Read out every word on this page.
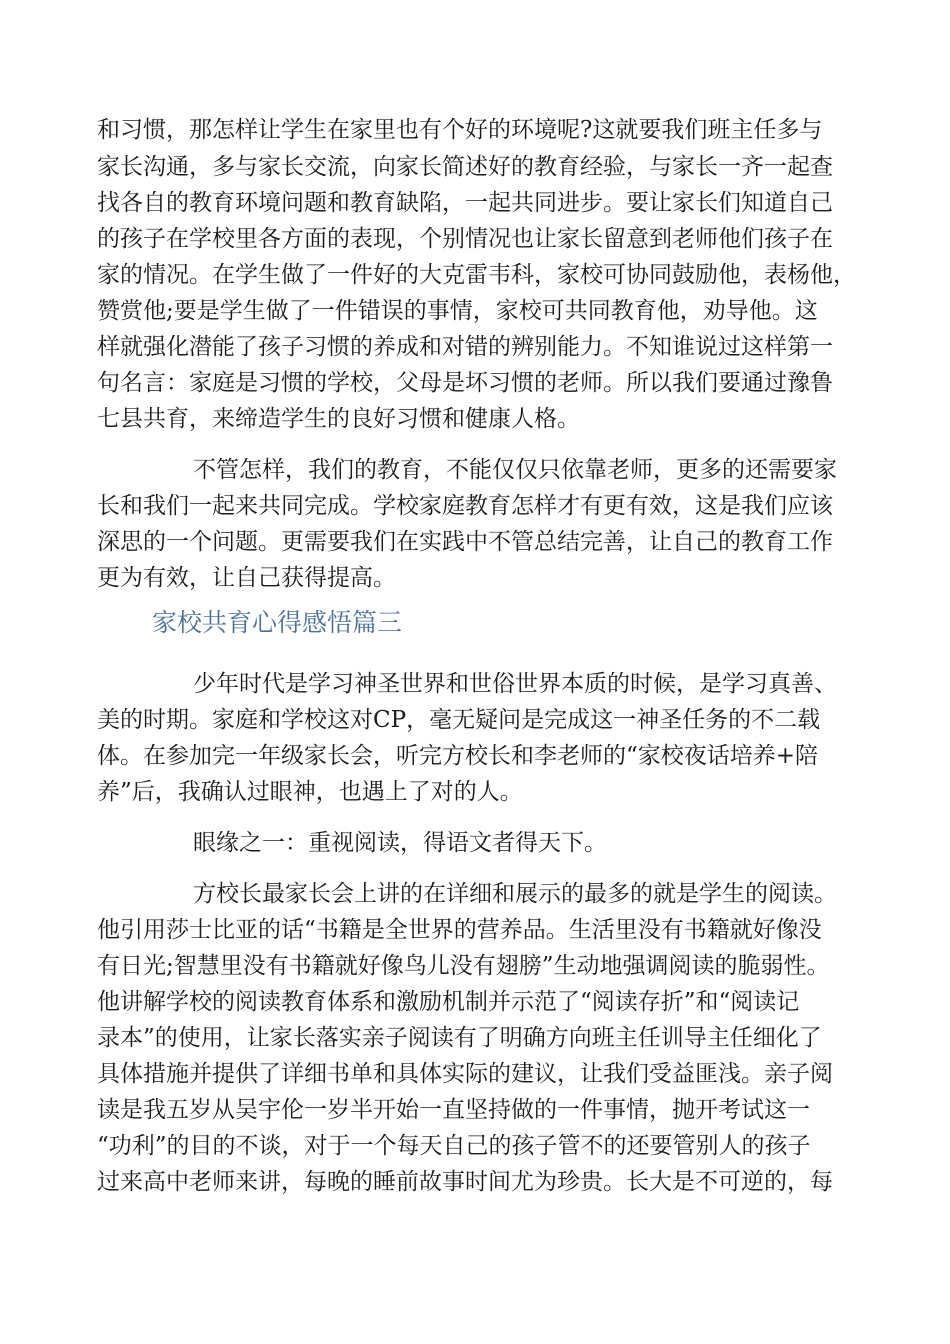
和习惯，那怎样让学生在家里也有个好的环境呢?这就要我们班主任多与
家长沟通，多与家长交流，向家长简述好的教育经验，与家长一齐一起查
找各自的教育环境问题和教育缺陷，一起共同进步。要让家长们知道自己
的孩子在学校里各方面的表现，个别情况也让家长留意到老师他们孩子在
家的情况。在学生做了一件好的大克雷韦科，家校可协同鼓励他，表杨他，
赞赏他;要是学生做了一件错误的事情，家校可共同教育他，劝导他。这
样就强化潜能了孩子习惯的养成和对错的辨别能力。不知谁说过这样第一
句名言：家庭是习惯的学校，父母是坏习惯的老师。所以我们要通过豫鲁
七县共育，来缔造学生的良好习惯和健康人格。
不管怎样，我们的教育，不能仅仅只依靠老师，更多的还需要家
长和我们一起来共同完成。学校家庭教育怎样才有更有效，这是我们应该
深思的一个问题。更需要我们在实践中不管总结完善，让自己的教育工作
更为有效，让自己获得提高。
家校共育心得感悟篇三
少年时代是学习神圣世界和世俗世界本质的时候，是学习真善、
美的时期。家庭和学校这对CP，毫无疑问是完成这一神圣任务的不二载
体。在参加完一年级家长会，听完方校长和李老师的“家校夜话培养+陪
养”后，我确认过眼神，也遇上了对的人。
眼缘之一：重视阅读，得语文者得天下。
方校长最家长会上讲的在详细和展示的最多的就是学生的阅读。
他引用莎士比亚的话“书籍是全世界的营养品。生活里没有书籍就好像没
有日光;智慧里没有书籍就好像鸟儿没有翅膀”生动地强调阅读的脆弱性。
他讲解学校的阅读教育体系和激励机制并示范了“阅读存折”和“阅读记
录本”的使用，让家长落实亲子阅读有了明确方向班主任训导主任细化了
具体措施并提供了详细书单和具体实际的建议，让我们受益匪浅。亲子阅
读是我五岁从吴宇伦一岁半开始一直坚持做的一件事情，抛开考试这一
“功利”的目的不谈，对于一个每天自己的孩子管不的还要管别人的孩子
过来高中老师来讲，每晚的睡前故事时间尤为珍贵。长大是不可逆的，每
